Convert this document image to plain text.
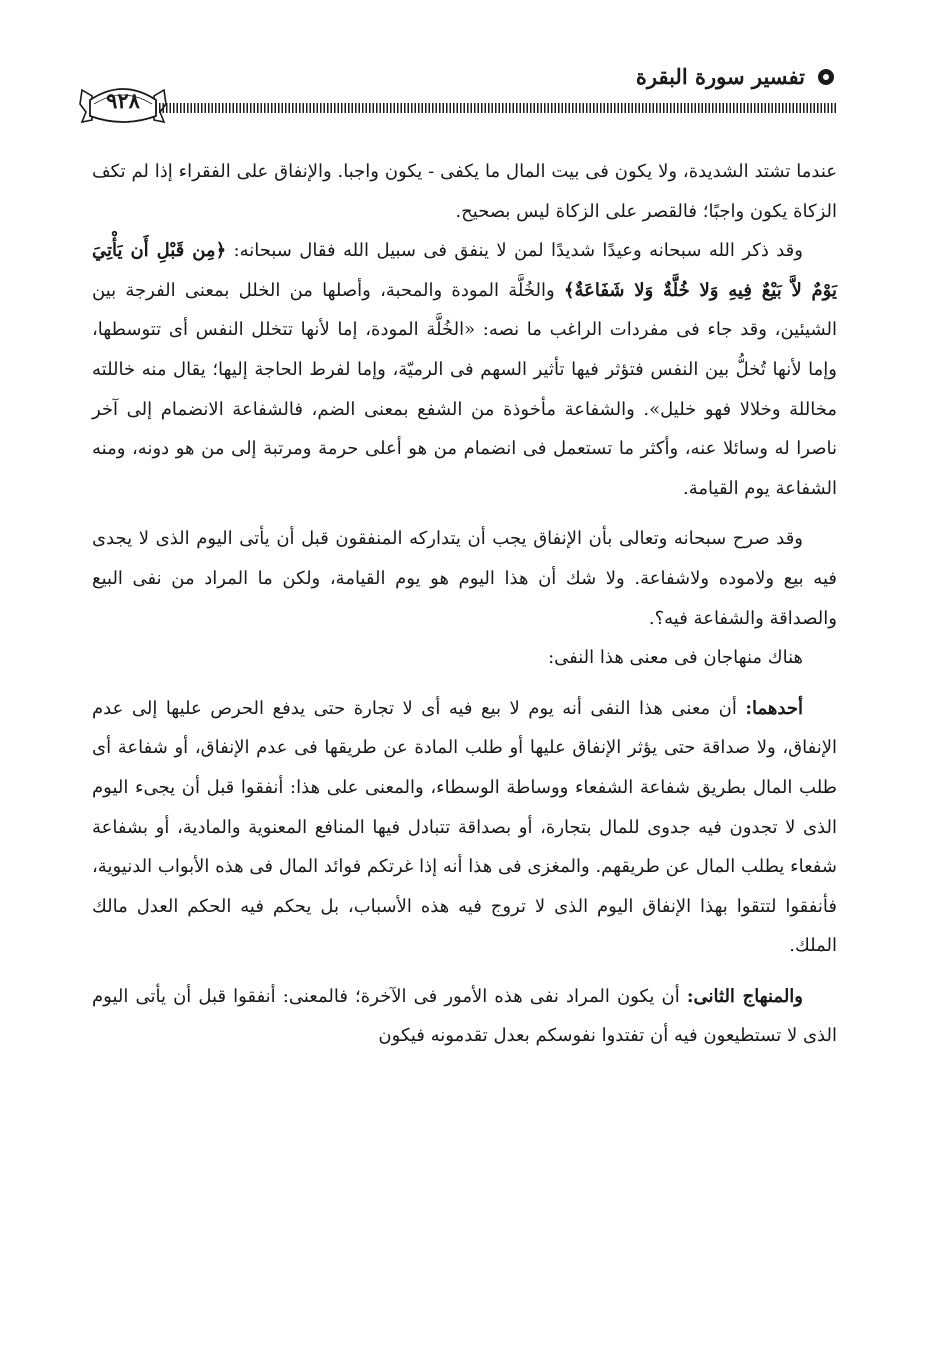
تفسير سورة البقرة
٩٢٨

عندما تشتد الشديدة، ولا يكون فى بيت المال ما يكفى - يكون واجبا. والإنفاق على الفقراء إذا لم تكف الزكاة يكون واجبًا؛ فالقصر على الزكاة ليس بصحيح.

وقد ذكر الله سبحانه وعيدًا شديدًا لمن لا ينفق فى سبيل الله فقال سبحانه: ﴿مِن قَبْلِ أَن يَأْتِيَ يَوْمٌ لاَّ بَيْعٌ فِيهِ وَلا خُلَّةٌ وَلا شَفَاعَةٌ﴾ والخُلَّة المودة والمحبة، وأصلها من الخلل بمعنى الفرجة بين الشيئين، وقد جاء فى مفردات الراغب ما نصه: «الخُلَّة المودة، إما لأنها تتخلل النفس أى تتوسطها، وإما لأنها تُخلُّ بين النفس فتؤثر فيها تأثير السهم فى الرميّة، وإما لفرط الحاجة إليها؛ يقال منه خاللته مخاللة وخلالا فهو خليل». والشفاعة مأخوذة من الشفع بمعنى الضم، فالشفاعة الانضمام إلى آخر ناصرا له وسائلا عنه، وأكثر ما تستعمل فى انضمام من هو أعلى حرمة ومرتبة إلى من هو دونه، ومنه الشفاعة يوم القيامة.

وقد صرح سبحانه وتعالى بأن الإنفاق يجب أن يتداركه المنفقون قبل أن يأتى اليوم الذى لا يجدى فيه بيع ولاموده ولاشفاعة. ولا شك أن هذا اليوم هو يوم القيامة، ولكن ما المراد من نفى البيع والصداقة والشفاعة فيه؟.

هناك منهاجان فى معنى هذا النفى:

أحدهما: أن معنى هذا النفى أنه يوم لا بيع فيه أى لا تجارة حتى يدفع الحرص عليها إلى عدم الإنفاق، ولا صداقة حتى يؤثر الإنفاق عليها أو طلب المادة عن طريقها فى عدم الإنفاق، أو شفاعة أى طلب المال بطريق شفاعة الشفعاء ووساطة الوسطاء، والمعنى على هذا: أنفقوا قبل أن يجىء اليوم الذى لا تجدون فيه جدوى للمال بتجارة، أو بصداقة تتبادل فيها المنافع المعنوية والمادية، أو بشفاعة شفعاء يطلب المال عن طريقهم. والمغزى فى هذا أنه إذا غرتكم فوائد المال فى هذه الأبواب الدنيوية، فأنفقوا لتتقوا بهذا الإنفاق اليوم الذى لا تروج فيه هذه الأسباب، بل يحكم فيه الحكم العدل مالك الملك.

والمنهاج الثانى: أن يكون المراد نفى هذه الأمور فى الآخرة؛ فالمعنى: أنفقوا قبل أن يأتى اليوم الذى لا تستطيعون فيه أن تفتدوا نفوسكم بعدل تقدمونه فيكون
